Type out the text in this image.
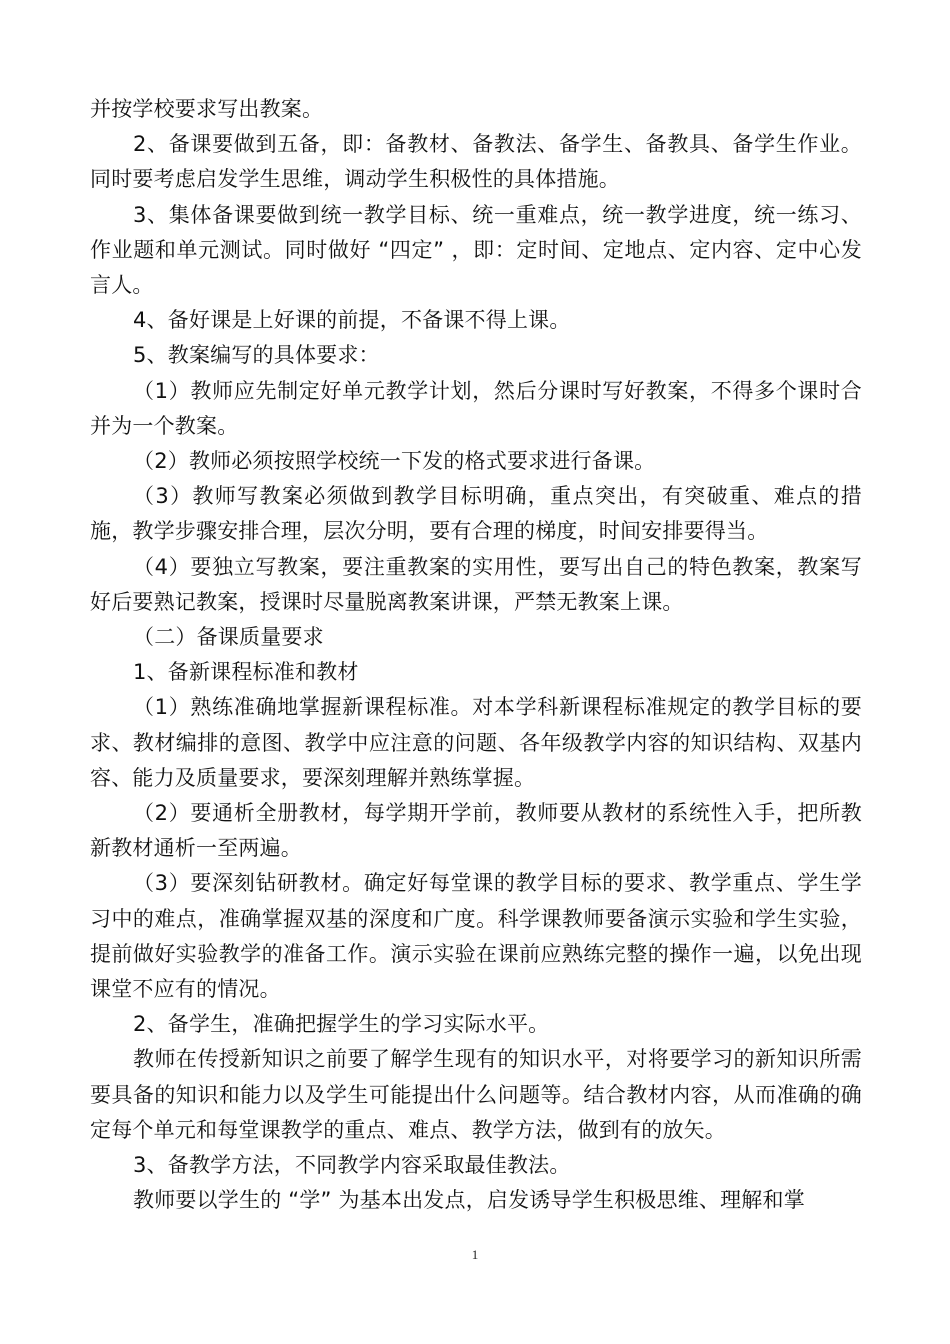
并按学校要求写出教案。

2、备课要做到五备，即：备教材、备教法、备学生、备教具、备学生作业。同时要考虑启发学生思维，调动学生积极性的具体措施。

3、集体备课要做到统一教学目标、统一重难点，统一教学进度，统一练习、作业题和单元测试。同时做好 “四定” ，即：定时间、定地点、定内容、定中心发言人。

4、备好课是上好课的前提，不备课不得上课。

5、教案编写的具体要求：

（1）教师应先制定好单元教学计划，然后分课时写好教案，不得多个课时合并为一个教案。

（2）教师必须按照学校统一下发的格式要求进行备课。

（3）教师写教案必须做到教学目标明确，重点突出，有突破重、难点的措施，教学步骤安排合理，层次分明，要有合理的梯度，时间安排要得当。

（4）要独立写教案，要注重教案的实用性，要写出自己的特色教案，教案写好后要熟记教案，授课时尽量脱离教案讲课，严禁无教案上课。

（二）备课质量要求

1、备新课程标准和教材

（1）熟练准确地掌握新课程标准。对本学科新课程标准规定的教学目标的要求、教材编排的意图、教学中应注意的问题、各年级教学内容的知识结构、双基内容、能力及质量要求，要深刻理解并熟练掌握。

（2）要通析全册教材，每学期开学前，教师要从教材的系统性入手，把所教新教材通析一至两遍。

（3）要深刻钻研教材。确定好每堂课的教学目标的要求、教学重点、学生学习中的难点，准确掌握双基的深度和广度。科学课教师要备演示实验和学生实验，提前做好实验教学的准备工作。演示实验在课前应熟练完整的操作一遍，以免出现课堂不应有的情况。

2、备学生，准确把握学生的学习实际水平。

教师在传授新知识之前要了解学生现有的知识水平，对将要学习的新知识所需要具备的知识和能力以及学生可能提出什么问题等。结合教材内容，从而准确的确定每个单元和每堂课教学的重点、难点、教学方法，做到有的放矢。

3、备教学方法，不同教学内容采取最佳教法。

教师要以学生的 “学” 为基本出发点，启发诱导学生积极思维、理解和掌

1
